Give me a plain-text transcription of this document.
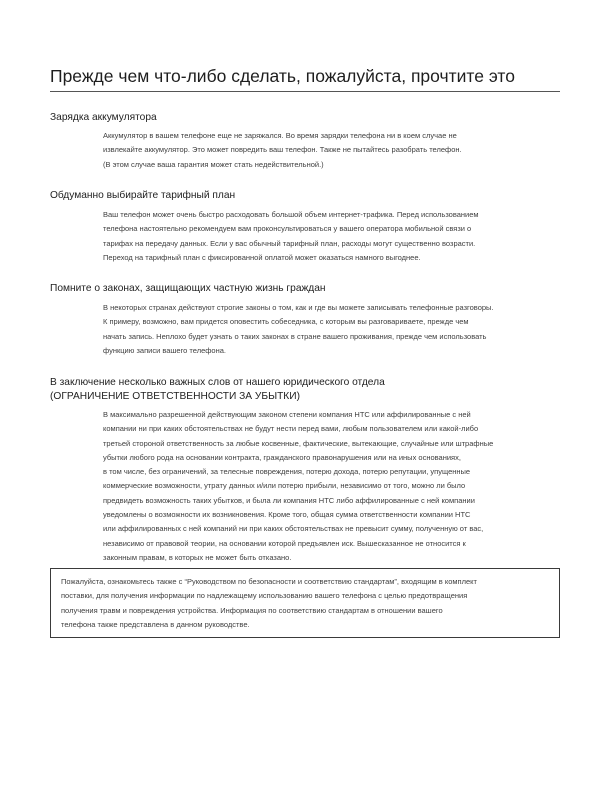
Прежде чем что-либо сделать, пожалуйста, прочтите это
Зарядка аккумулятора
Аккумулятор в вашем телефоне еще не заряжался. Во время зарядки телефона ни в коем случае не
извлекайте аккумулятор. Это может повредить ваш телефон. Также не пытайтесь разобрать телефон.
(В этом случае ваша гарантия может стать недействительной.)
Обдуманно выбирайте тарифный план
Ваш телефон может очень быстро расходовать большой объем интернет-трафика. Перед использованием
телефона настоятельно рекомендуем вам проконсультироваться у вашего оператора мобильной связи о
тарифах на передачу данных. Если у вас обычный тарифный план, расходы могут существенно возрасти.
Переход на тарифный план с фиксированной оплатой может оказаться намного выгоднее.
Помните о законах, защищающих частную жизнь граждан
В некоторых странах действуют строгие законы о том, как и где вы можете записывать телефонные разговоры.
К примеру, возможно, вам придется оповестить собеседника, с которым вы разговариваете, прежде чем
начать запись. Неплохо будет узнать о таких законах в стране вашего проживания, прежде чем использовать
функцию записи вашего телефона.
В заключение несколько важных слов от нашего юридического отдела
(ОГРАНИЧЕНИЕ ОТВЕТСТВЕННОСТИ ЗА УБЫТКИ)
В максимально разрешенной действующим законом степени компания HTC или аффилированные с ней
компании ни при каких обстоятельствах не будут нести перед вами, любым пользователем или какой-либо
третьей стороной ответственность за любые косвенные, фактические, вытекающие, случайные или штрафные
убытки любого рода на основании контракта, гражданского правонарушения или на иных основаниях,
в том числе, без ограничений, за телесные повреждения, потерю дохода, потерю репутации, упущенные
коммерческие возможности, утрату данных и/или потерю прибыли, независимо от того, можно ли было
предвидеть возможность таких убытков, и была ли компания HTC либо аффилированные с ней компании
уведомлены о возможности их возникновения. Кроме того, общая сумма ответственности компании HTC
или аффилированных с ней компаний ни при каких обстоятельствах не превысит сумму, полученную от вас,
независимо от правовой теории, на основании которой предъявлен иск. Вышесказанное не относится к
законным правам, в которых не может быть отказано.
Пожалуйста, ознакомьтесь также с “Руководством по безопасности и соответствию стандартам”, входящим в комплект
поставки, для получения информации по надлежащему использованию вашего телефона с целью предотвращения
получения травм и повреждения устройства. Информация по соответствию стандартам в отношении вашего
телефона также представлена в данном руководстве.
